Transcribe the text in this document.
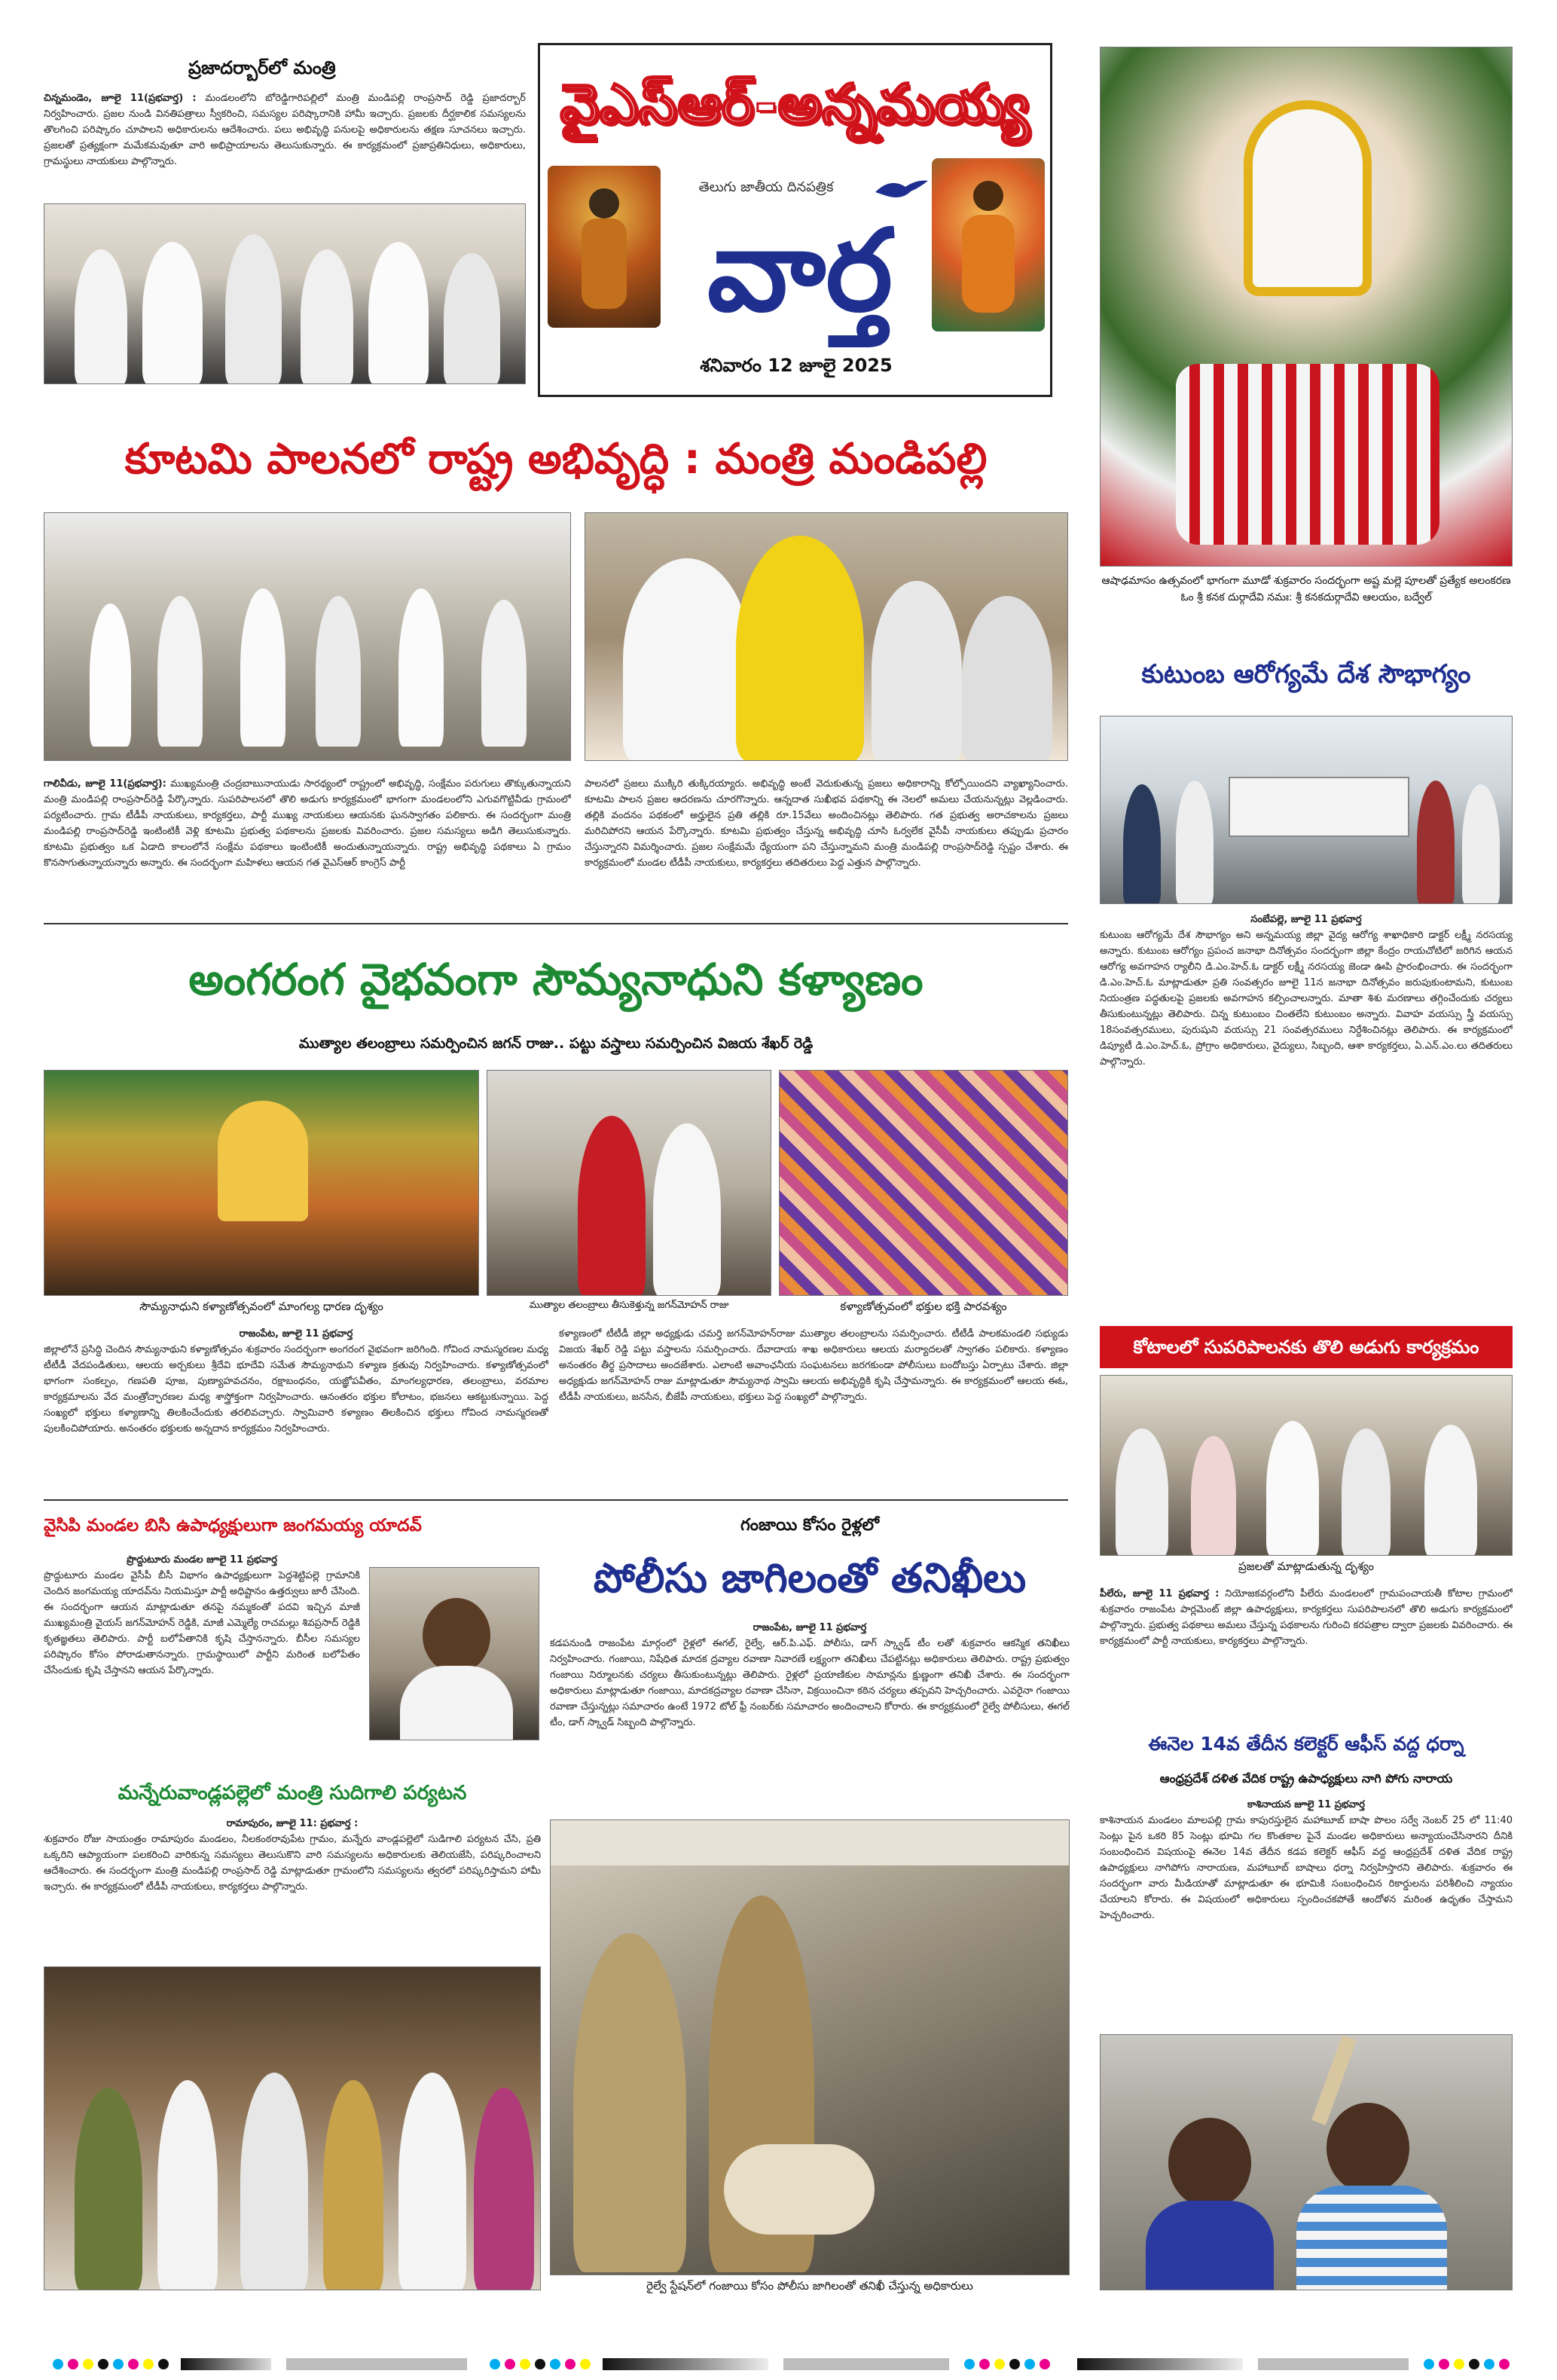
వైఎస్ఆర్-అన్నమయ్య
తెలుగు జాతీయ దినపత్రిక
వార్త
శనివారం 12 జూలై 2025
ప్రజాదర్బార్‌లో మంత్రి
చిన్నమండెం, జూలై 11(ప్రభవార్త) : మండలంలోని బోరెడ్డిగారిపల్లిలో మంత్రి మండిపల్లి రాంప్రసాద్ రెడ్డి ప్రజాదర్బార్ నిర్వహించారు. ప్రజల నుండి వినతిపత్రాలు స్వీకరించి, సమస్యల పరిష్కారానికి హామీ ఇచ్చారు. ప్రజలకు దీర్ఘకాలిక సమస్యలను తొలగించి పరిష్కారం చూపాలని అధికారులను ఆదేశించారు. పలు అభివృద్ధి పనులపై అధికారులను తక్షణ సూచనలు ఇచ్చారు. ప్రజలతో ప్రత్యక్షంగా మమేకమవుతూ వారి అభిప్రాయాలను తెలుసుకున్నారు. ఈ కార్యక్రమంలో ప్రజాప్రతినిధులు, అధికారులు, గ్రామస్థులు నాయకులు పాల్గొన్నారు.
ఆషాఢమాసం ఉత్సవంలో భాగంగా మూడో శుక్రవారం సందర్భంగా అష్ట మల్లె పూలతో ప్రత్యేక అలంకరణ ఓం శ్రీ కనక దుర్గాదేవి నమః: శ్రీ కనకదుర్గాదేవి ఆలయం, బద్వేల్
కూటమి పాలనలో రాష్ట్ర అభివృద్ధి : మంత్రి మండిపల్లి
గాలివీడు, జూలై 11(ప్రభవార్త): ముఖ్యమంత్రి చంద్రబాబునాయుడు సారథ్యంలో రాష్ట్రంలో అభివృద్ధి, సంక్షేమం పరుగులు తొక్కుతున్నాయని మంత్రి మండిపల్లి రాంప్రసాద్‌రెడ్డి పేర్కొన్నారు. సుపరిపాలనలో తొలి అడుగు కార్యక్రమంలో భాగంగా మండలంలోని ఎగువగొట్టివీడు గ్రామంలో పర్యటించారు. గ్రామ టీడీపీ నాయకులు, కార్యకర్తలు, పార్టీ ముఖ్య నాయకులు ఆయనకు ఘనస్వాగతం పలికారు. ఈ సందర్భంగా మంత్రి మండిపల్లి రాంప్రసాద్‌రెడ్డి ఇంటింటికీ వెళ్లి కూటమి ప్రభుత్వ పథకాలను ప్రజలకు వివరించారు. ప్రజల సమస్యలు అడిగి తెలుసుకున్నారు. కూటమి ప్రభుత్వం ఒక ఏడాది కాలంలోనే సంక్షేమ పథకాలు ఇంటింటికీ అందుతున్నాయన్నారు. రాష్ట్ర అభివృద్ధి పథకాలు ఏ గ్రామం కొనసాగుతున్నాయన్నారు అన్నారు. ఈ సందర్భంగా మహిళలు ఆయన గత వైఎస్ఆర్ కాంగ్రెస్ పార్టీ
పాలనలో ప్రజలు ముక్కిరి తుక్కిరయ్యారు. అభివృద్ధి అంటే వెదుకుతున్న ప్రజలు అధికారాన్ని కోల్పోయిందని వ్యాఖ్యానించారు. కూటమి పాలన ప్రజల ఆదరణను చూరగొన్నారు. ఆన్నదాత సుఖీభవ పథకాన్ని ఈ నెలలో అమలు చేయనున్నట్లు వెల్లడించారు. తల్లికి వందనం పథకంలో అర్హులైన ప్రతి తల్లికి రూ.15వేలు అందించినట్లు తెలిపారు. గత ప్రభుత్వ అరాచకాలను ప్రజలు మరిచిపోరని ఆయన పేర్కొన్నారు. కూటమి ప్రభుత్వం చేస్తున్న అభివృద్ధి చూసి ఓర్వలేక వైసీపీ నాయకులు తప్పుడు ప్రచారం చేస్తున్నారని విమర్శించారు. ప్రజల సంక్షేమమే ధ్యేయంగా పని చేస్తున్నామని మంత్రి మండిపల్లి రాంప్రసాద్‌రెడ్డి స్పష్టం చేశారు. ఈ కార్యక్రమంలో మండల టీడీపీ నాయకులు, కార్యకర్తలు తదితరులు పెద్ద ఎత్తున పాల్గొన్నారు.
కుటుంబ ఆరోగ్యమే దేశ సౌభాగ్యం
సంబేపల్లె, జూలై 11 ప్రభవార్త
కుటుంబ ఆరోగ్యమే దేశ సౌభాగ్యం అని అన్నమయ్య జిల్లా వైద్య ఆరోగ్య శాఖాధికారి డాక్టర్ లక్ష్మీ నరసయ్య అన్నారు. కుటుంబ ఆరోగ్యం ప్రపంచ జనాభా దినోత్సవం సందర్భంగా జిల్లా కేంద్రం రాయచోటిలో జరిగిన ఆయన ఆరోగ్య అవగాహన ర్యాలీని డి.ఎం.హెచ్.ఓ డాక్టర్ లక్ష్మీ నరసయ్య జెండా ఊపి ప్రారంభించారు. ఈ సందర్భంగా డి.ఎం.హెచ్.ఓ మాట్లాడుతూ ప్రతి సంవత్సరం జూలై 11న జనాభా దినోత్సవం జరుపుకుంటామని, కుటుంబ నియంత్రణ పద్ధతులపై ప్రజలకు అవగాహన కల్పించాలన్నారు. మాతా శిశు మరణాలు తగ్గించేందుకు చర్యలు తీసుకుంటున్నట్లు తెలిపారు. చిన్న కుటుంబం చింతలేని కుటుంబం అన్నారు. వివాహ వయస్సు స్త్రీ వయస్సు 18సంవత్సరములు, పురుషుని వయస్సు 21 సంవత్సరములు నిర్దేశించినట్లు తెలిపారు. ఈ కార్యక్రమంలో డిప్యూటీ డి.ఎం.హెచ్.ఓ, ప్రోగ్రాం అధికారులు, వైద్యులు, సిబ్బంది, ఆశా కార్యకర్తలు, ఏ.ఎన్.ఎం.లు తదితరులు పాల్గొన్నారు.
అంగరంగ వైభవంగా సౌమ్యనాధుని కళ్యాణం
ముత్యాల తలంబ్రాలు సమర్పించిన జగన్ రాజు.. పట్టు వస్త్రాలు సమర్పించిన విజయ శేఖర్ రెడ్డి
సౌమ్యనాధుని కళ్యాణోత్సవంలో మాంగల్య ధారణ దృశ్యం	ముత్యాల తలంబ్రాలు తీసుకెళ్తున్న జగన్‌మోహన్ రాజు	కళ్యాణోత్సవంలో భక్తుల భక్తి పారవశ్యం
రాజంపేట, జూలై 11 ప్రభవార్త
జిల్లాలోనే ప్రసిద్ధి చెందిన సౌమ్యనాథుని కళ్యాణోత్సవం శుక్రవారం సందర్భంగా అంగరంగ వైభవంగా జరిగింది. గోవింద నామస్మరణల మధ్య టీటీడీ వేదపండితులు, ఆలయ అర్చకులు శ్రీదేవి భూదేవి సమేత సౌమ్యనాథుని కళ్యాణ క్రతువు నిర్వహించారు. కళ్యాణోత్సవంలో భాగంగా సంకల్పం, గణపతి పూజ, పుణ్యాహవచనం, రక్షాబంధనం, యజ్ఞోపవీతం, మాంగల్యధారణ, తలంబ్రాలు, వరమాల కార్యక్రమాలను వేద మంత్రోచ్ఛారణల మధ్య శాస్త్రోక్తంగా నిర్వహించారు. ఆనంతరం భక్తుల కోలాటం, భజనలు ఆకట్టుకున్నాయి. పెద్ద సంఖ్యలో భక్తులు కళ్యాణాన్ని తిలకించేందుకు తరలివచ్చారు. స్వామివారి కళ్యాణం తిలకించిన భక్తులు గోవింద నామస్మరణతో పులకించిపోయారు. అనంతరం భక్తులకు అన్నదాన కార్యక్రమం నిర్వహించారు.
కళ్యాణంలో టీటీడీ జిల్లా అధ్యక్షుడు చమర్తి జగన్‌మోహన్‌రాజు ముత్యాల తలంబ్రాలను సమర్పించారు. టీటీడీ పాలకమండలి సభ్యుడు విజయ శేఖర్ రెడ్డి పట్టు వస్త్రాలను సమర్పించారు. దేవాదాయ శాఖ అధికారులు ఆలయ మర్యాదలతో స్వాగతం పలికారు. కళ్యాణం అనంతరం తీర్థ ప్రసాదాలు అందజేశారు. ఎలాంటి అవాంఛనీయ సంఘటనలు జరగకుండా పోలీసులు బందోబస్తు ఏర్పాటు చేశారు. జిల్లా అధ్యక్షుడు జగన్‌మోహన్ రాజు మాట్లాడుతూ సౌమ్యనాథ స్వామి ఆలయ అభివృద్ధికి కృషి చేస్తామన్నారు. ఈ కార్యక్రమంలో ఆలయ ఈఓ, టీడీపీ నాయకులు, జనసేన, బీజేపీ నాయకులు, భక్తులు పెద్ద సంఖ్యలో పాల్గొన్నారు.
కోటాలలో సుపరిపాలనకు తొలి అడుగు కార్యక్రమం
ప్రజలతో మాట్లాడుతున్న దృశ్యం
పీలేరు, జూలై 11 ప్రభవార్త : నియోజకవర్గంలోని పీలేరు మండలంలో గ్రామపంచాయతీ కోటాల గ్రామంలో శుక్రవారం రాజంపేట పార్లమెంట్ జిల్లా ఉపాధ్యక్షులు, కార్యకర్తలు సుపరిపాలనలో తొలి అడుగు కార్యక్రమంలో పాల్గొన్నారు. ప్రభుత్వ పథకాలు అమలు చేస్తున్న పథకాలను గురించి కరపత్రాల ద్వారా ప్రజలకు వివరించారు. ఈ కార్యక్రమంలో పార్టీ నాయకులు, కార్యకర్తలు పాల్గొన్నారు.
వైసిపి మండల బిసి ఉపాధ్యక్షులుగా జంగమయ్య యాదవ్
ప్రొద్దుటూరు మండల జూలై 11 ప్రభవార్త
ప్రొద్దుటూరు మండల వైసీపీ బీసీ విభాగం ఉపాధ్యక్షులుగా పెద్దశెట్టిపల్లె గ్రామానికి చెందిన జంగమయ్య యాదవ్‌ను నియమిస్తూ పార్టీ అధిష్టానం ఉత్తర్వులు జారీ చేసింది. ఈ సందర్భంగా ఆయన మాట్లాడుతూ తనపై నమ్మకంతో పదవి ఇచ్చిన మాజీ ముఖ్యమంత్రి వైయస్ జగన్‌మోహన్ రెడ్డికి, మాజీ ఎమ్మెల్యే రాచమల్లు శివప్రసాద్ రెడ్డికి కృతజ్ఞతలు తెలిపారు. పార్టీ బలోపేతానికి కృషి చేస్తానన్నారు. బీసీల సమస్యల పరిష్కారం కోసం పోరాడుతానన్నారు. గ్రామస్థాయిలో పార్టీని మరింత బలోపేతం చేసేందుకు కృషి చేస్తానని ఆయన పేర్కొన్నారు.
మన్నేరువాండ్లపల్లెలో మంత్రి సుదిగాలి పర్యటన
రామాపురం, జూలై 11: ప్రభవార్త :
శుక్రవారం రోజు సాయంత్రం రామాపురం మండలం, నీలకంఠరావుపేట గ్రామం, మన్నేరు వాండ్లపల్లెలో సుడిగాలి పర్యటన చేసి, ప్రతి ఒక్కరిని ఆప్యాయంగా పలకరించి వారికున్న సమస్యలు తెలుసుకొని వారి సమస్యలను అధికారులకు తెలియజేసి, పరిష్కరించాలని ఆదేశించారు. ఈ సందర్భంగా మంత్రి మండిపల్లి రాంప్రసాద్ రెడ్డి మాట్లాడుతూ గ్రామంలోని సమస్యలను త్వరలో పరిష్కరిస్తామని హామీ ఇచ్చారు. ఈ కార్యక్రమంలో టీడీపీ నాయకులు, కార్యకర్తలు పాల్గొన్నారు.
గంజాయి కోసం రైళ్లలో
పోలీసు జాగిలంతో తనిఖీలు
రాజంపేట, జూలై 11 ప్రభవార్త
కడపనుండి రాజంపేట మార్గంలో రైళ్లలో ఈగల్, రైల్వే, ఆర్.పి.ఎఫ్. పోలీసు, డాగ్ స్క్వాడ్ టీం లతో శుక్రవారం ఆకస్మిక తనిఖీలు నిర్వహించారు. గంజాయి, నిషేధిత మాదక ద్రవ్యాల రవాణా నివారణే లక్ష్యంగా తనిఖీలు చేపట్టినట్లు అధికారులు తెలిపారు. రాష్ట్ర ప్రభుత్వం గంజాయి నిర్మూలనకు చర్యలు తీసుకుంటున్నట్లు తెలిపారు. రైళ్లలో ప్రయాణికుల సామాన్లను క్షుణ్ణంగా తనిఖీ చేశారు. ఈ సందర్భంగా అధికారులు మాట్లాడుతూ గంజాయి, మాదకద్రవ్యాల రవాణా చేసినా, విక్రయించినా కఠిన చర్యలు తప్పవని హెచ్చరించారు. ఎవరైనా గంజాయి రవాణా చేస్తున్నట్లు సమాచారం ఉంటే 1972 టోల్ ఫ్రీ నంబర్‌కు సమాచారం అందించాలని కోరారు. ఈ కార్యక్రమంలో రైల్వే పోలీసులు, ఈగల్ టీం, డాగ్ స్క్వాడ్ సిబ్బంది పాల్గొన్నారు.
రైల్వే స్టేషన్‌లో గంజాయి కోసం పోలీసు జాగిలంతో తనిఖీ చేస్తున్న అధికారులు
ఈనెల 14వ తేదీన కలెక్టర్ ఆఫీస్ వద్ద ధర్నా
ఆంధ్రప్రదేశ్ దళిత వేదిక రాష్ట్ర ఉపాధ్యక్షులు నాగి పోగు నారాయ
కాశినాయన జూలై 11 ప్రభవార్త
కాశినాయన మండలం మాలపల్లి గ్రామ కాపురస్తులైన మహాబూబ్ బాషా పొలం సర్వే నెంబర్ 25 లో 11:40 సెంట్లు పైన ఒకరి 85 సెంట్లు భూమి గల కొంతకాల పైనే మండల అధికారులు అన్యాయంచేసినారని దీనికి సంబంధించిన విషయంపై ఈనెల 14వ తేదీన కడప కలెక్టర్ ఆఫీస్ వద్ద ఆంధ్రప్రదేశ్ దళిత వేదిక రాష్ట్ర ఉపాధ్యక్షులు నాగిపోగు నారాయణ, మహాబూబ్ బాషాలు ధర్నా నిర్వహిస్తారని తెలిపారు. శుక్రవారం ఈ సందర్భంగా వారు మీడియాతో మాట్లాడుతూ ఈ భూమికి సంబంధించిన రికార్డులను పరిశీలించి న్యాయం చేయాలని కోరారు. ఈ విషయంలో అధికారులు స్పందించకపోతే ఆందోళన మరింత ఉధృతం చేస్తామని హెచ్చరించారు.
